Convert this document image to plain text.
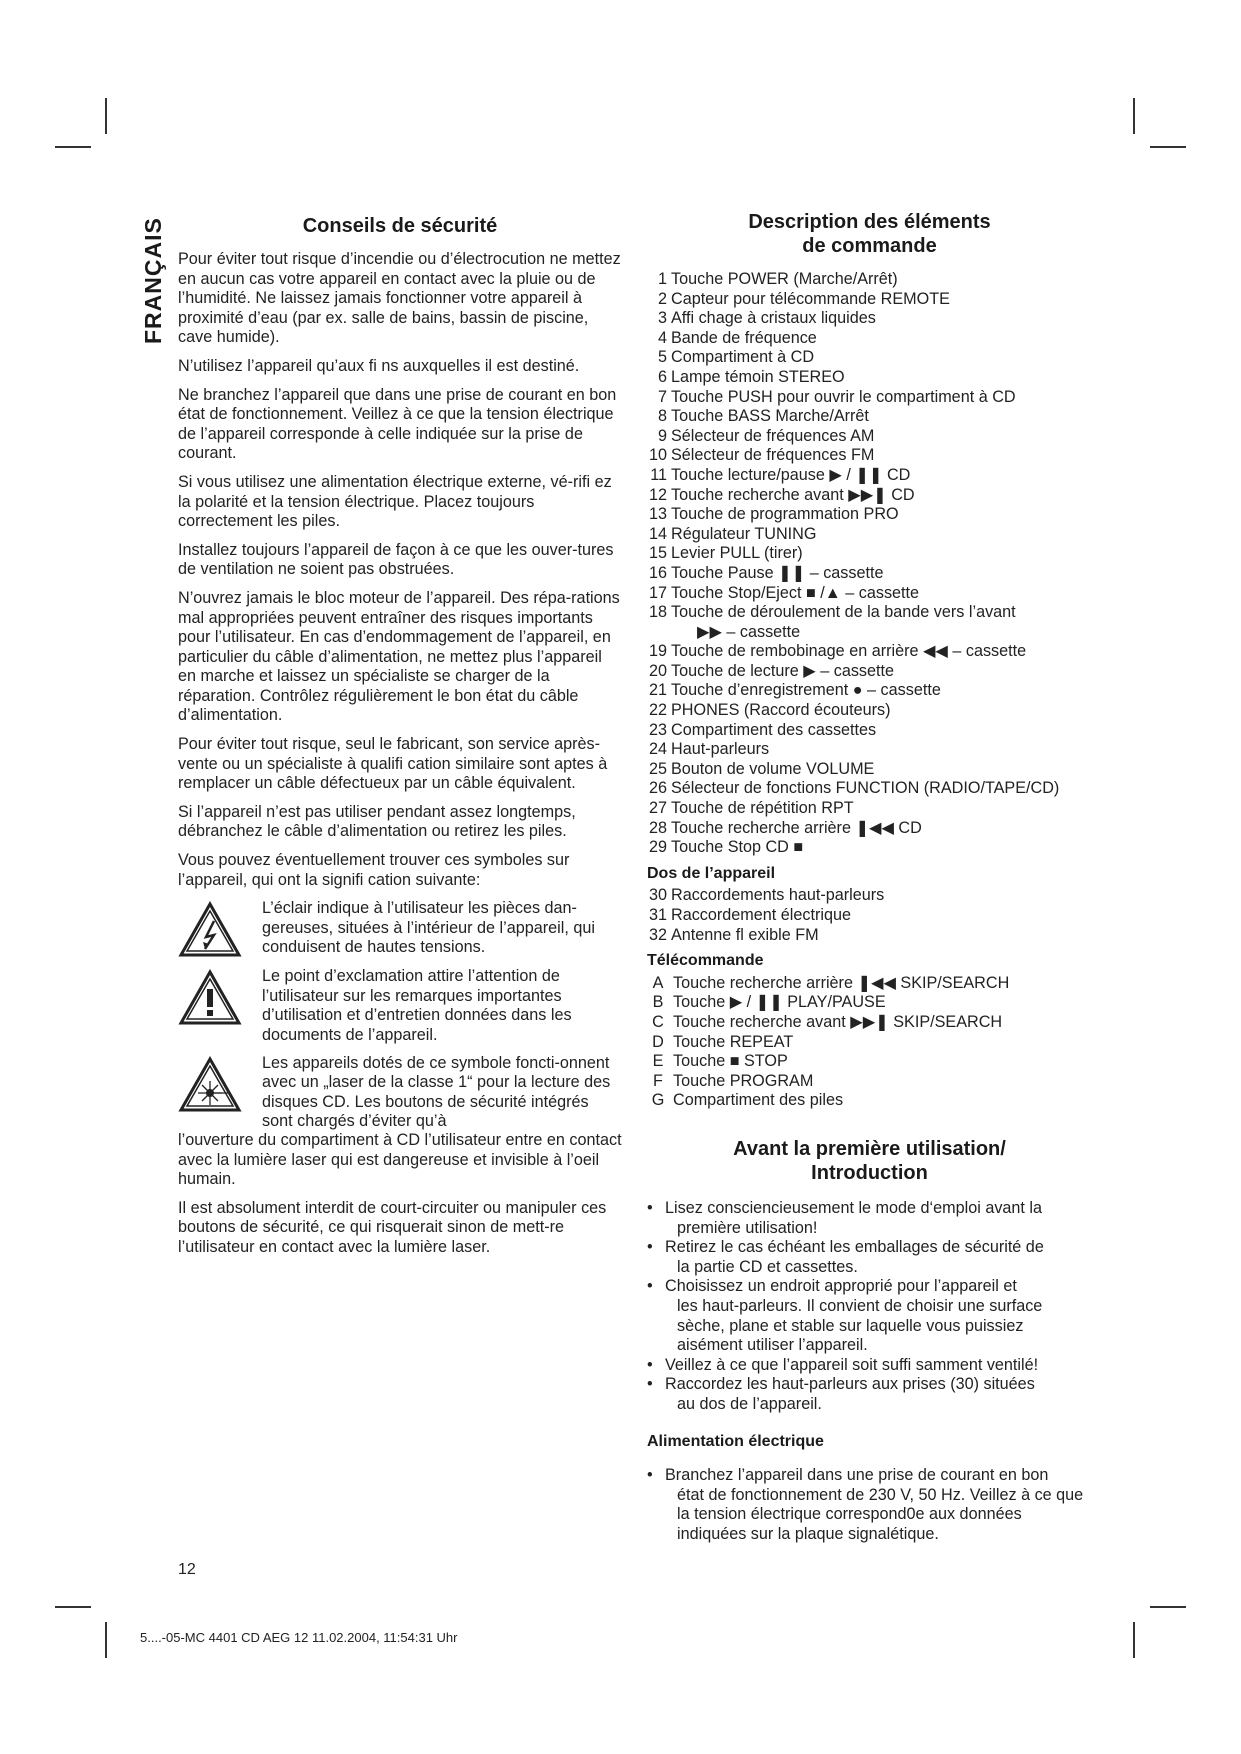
FRANÇAIS	Conseils de sécurité

Pour éviter tout risque d’incendie ou d’électrocution ne mettez en aucun cas votre appareil en contact avec la pluie ou de l’humidité. Ne laissez jamais fonctionner votre appareil à proximité d’eau (par ex. salle de bains, bassin de piscine, cave humide).

N’utilisez l’appareil qu’aux fi ns auxquelles il est destiné.

Ne branchez l’appareil que dans une prise de courant en bon état de fonctionnement. Veillez à ce que la tension électrique de l’appareil corresponde à celle indiquée sur la prise de courant.

Si vous utilisez une alimentation électrique externe, vé-rifi ez la polarité et la tension électrique. Placez toujours correctement les piles.

Installez toujours l’appareil de façon à ce que les ouver-tures de ventilation ne soient pas obstruées.

N’ouvrez jamais le bloc moteur de l’appareil. Des répa-rations mal appropriées peuvent entraîner des risques importants pour l’utilisateur. En cas d’endommagement de l’appareil, en particulier du câble d’alimentation, ne mettez plus l’appareil en marche et laissez un spécialiste se charger de la réparation. Contrôlez régulièrement le bon état du câble d’alimentation.

Pour éviter tout risque, seul le fabricant, son service après-vente ou un spécialiste à qualifi cation similaire sont aptes à remplacer un câble défectueux par un câble équivalent.

Si l’appareil n’est pas utiliser pendant assez longtemps, débranchez le câble d’alimentation ou retirez les piles.

Vous pouvez éventuellement trouver ces symboles sur l’appareil, qui ont la signifi cation suivante:

L’éclair indique à l’utilisateur les pièces dan-gereuses, situées à l’intérieur de l’appareil, qui conduisent de hautes tensions.
Le point d’exclamation attire l’attention de l’utilisateur sur les remarques importantes d’utilisation et d’entretien données dans les documents de l’appareil.
Les appareils dotés de ce symbole foncti-onnent avec un „laser de la classe 1“ pour la lecture des disques CD. Les boutons de sécurité intégrés sont chargés d’éviter qu’à

l’ouverture du compartiment à CD l’utilisateur entre en contact avec la lumière laser qui est dangereuse et invisible à l’oeil humain.

Il est absolument interdit de court-circuiter ou manipuler ces boutons de sécurité, ce qui risquerait sinon de mett-re l’utilisateur en contact avec la lumière laser.

Description des éléments
de commande
1 Touche POWER (Marche/Arrêt)
2 Capteur pour télécommande REMOTE
3 Affi chage à cristaux liquides
4 Bande de fréquence
5 Compartiment à CD
6 Lampe témoin STEREO
7 Touche PUSH pour ouvrir le compartiment à CD
8 Touche BASS Marche/Arrêt
9 Sélecteur de fréquences AM
10 Sélecteur de fréquences FM
11 Touche lecture/pause ▶ / ❚❚ CD
12 Touche recherche avant ▶▶❚ CD
13 Touche de programmation PRO
14 Régulateur TUNING
15 Levier PULL (tirer)
16 Touche Pause ❚❚ – cassette
17 Touche Stop/Eject ■ /▲ – cassette
18 Touche de déroulement de la bande vers l’avant
▶▶ – cassette
19 Touche de rembobinage en arrière ◀◀ – cassette
20 Touche de lecture ▶ – cassette
21 Touche d’enregistrement ● – cassette
22 PHONES (Raccord écouteurs)
23 Compartiment des cassettes
24 Haut-parleurs
25 Bouton de volume VOLUME
26 Sélecteur de fonctions FUNCTION (RADIO/TAPE/CD)
27 Touche de répétition RPT
28 Touche recherche arrière ❚◀◀ CD
29 Touche Stop CD ■
Dos de l’appareil
30 Raccordements haut-parleurs
31 Raccordement électrique
32 Antenne fl exible FM
Télécommande
A Touche recherche arrière ❚◀◀ SKIP/SEARCH
B Touche ▶ / ❚❚ PLAY/PAUSE
C Touche recherche avant ▶▶❚ SKIP/SEARCH
D Touche REPEAT
E Touche ■ STOP
F Touche PROGRAM
G Compartiment des piles
Avant la première utilisation/
Introduction
• Lisez consciencieusement le mode d‘emploi avant la
première utilisation!
• Retirez le cas échéant les emballages de sécurité de
la partie CD et cassettes.
• Choisissez un endroit approprié pour l’appareil et
les haut-parleurs. Il convient de choisir une surface sèche, plane et stable sur laquelle vous puissiez aisément utiliser l’appareil.
• Veillez à ce que l’appareil soit suffi samment ventilé!
• Raccordez les haut-parleurs aux prises (30) situées
au dos de l’appareil.
Alimentation électrique
• Branchez l’appareil dans une prise de courant en bon
état de fonctionnement de 230 V, 50 Hz. Veillez à ce que la tension électrique correspond0e aux données indiquées sur la plaque signalétique.
12
5....-05-MC 4401 CD AEG 12 11.02.2004, 11:54:31 Uhr
